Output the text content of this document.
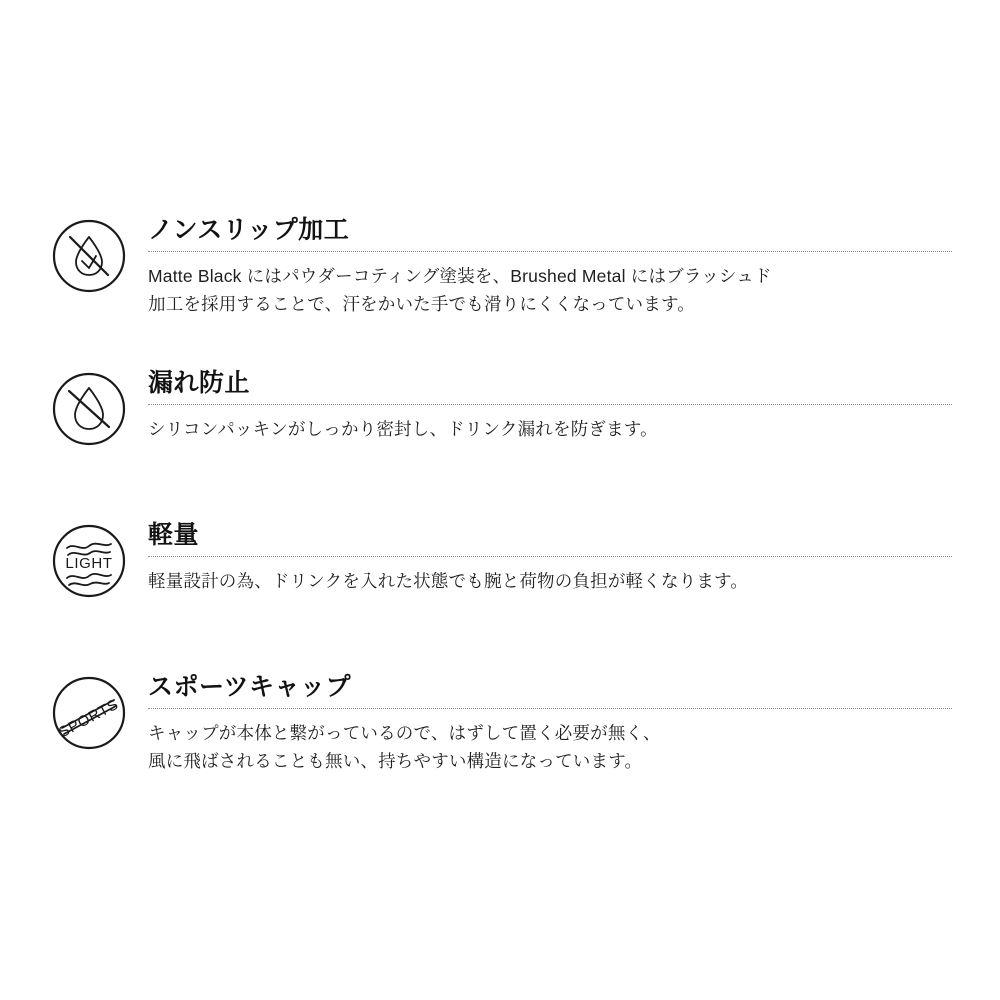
ノンスリップ加工
Matte Black にはパウダーコティング塗装を、Brushed Metal にはブラッシュド
加工を採用することで、汗をかいた手でも滑りにくくなっています。
漏れ防止
シリコンパッキンがしっかり密封し、ドリンク漏れを防ぎます。
LIGHT
軽量
軽量設計の為、ドリンクを入れた状態でも腕と荷物の負担が軽くなります。
SPORTS
スポーツキャップ
キャップが本体と繋がっているので、はずして置く必要が無く、
風に飛ばされることも無い、持ちやすい構造になっています。
